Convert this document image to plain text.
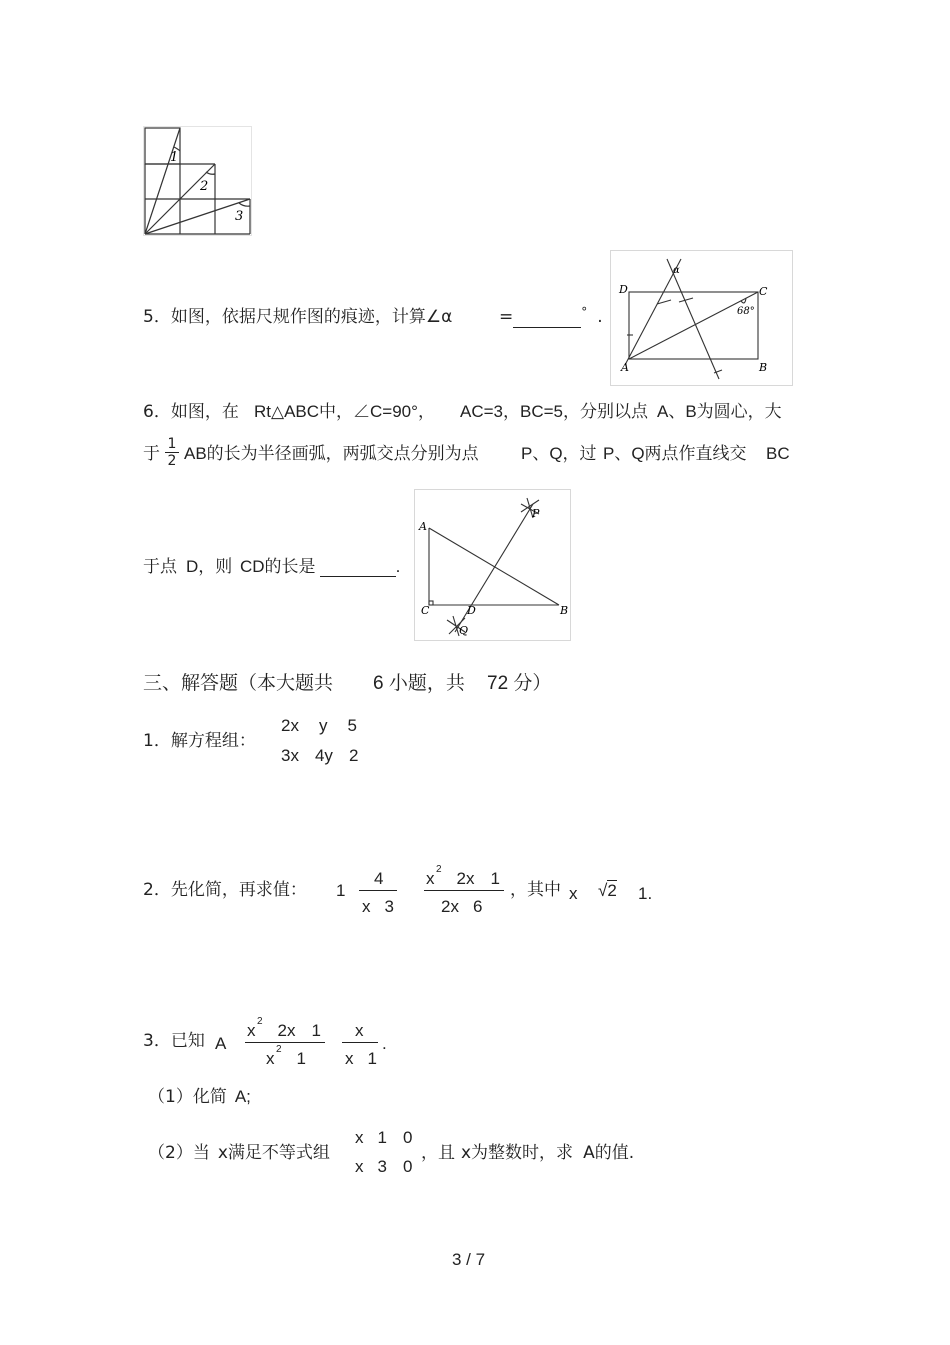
1
2
3
5．如图，依据尺规作图的痕迹，计算∠α	=	° .
D	C
A	B
α
68°
6．如图，在 Rt△ABC中，∠C=90°， AC=3，BC=5，分别以点 A、B为圆心，大
于 1
2 AB的长为半径画弧，两弧交点分别为点 P、Q，过 P、Q两点作直线交 BC
于点 D，则 CD的长是	.
A
B
C	D
P
Q
三、解答题（本大题共 6 小题，共 72 分）
1．解方程组：
2x y 5
3x 4y 2
2．先化简，再求值： 1
4
x 3
x 2 2x 1
2x 6
，其中 x √2 1.
3．已知 A
x 2 2x 1
x 2 1
x
x 1
.
（1）化简 A;
（2）当 x满足不等式组
x 1 0
x 3 0
，且 x为整数时，求 A的值.
3 / 7
